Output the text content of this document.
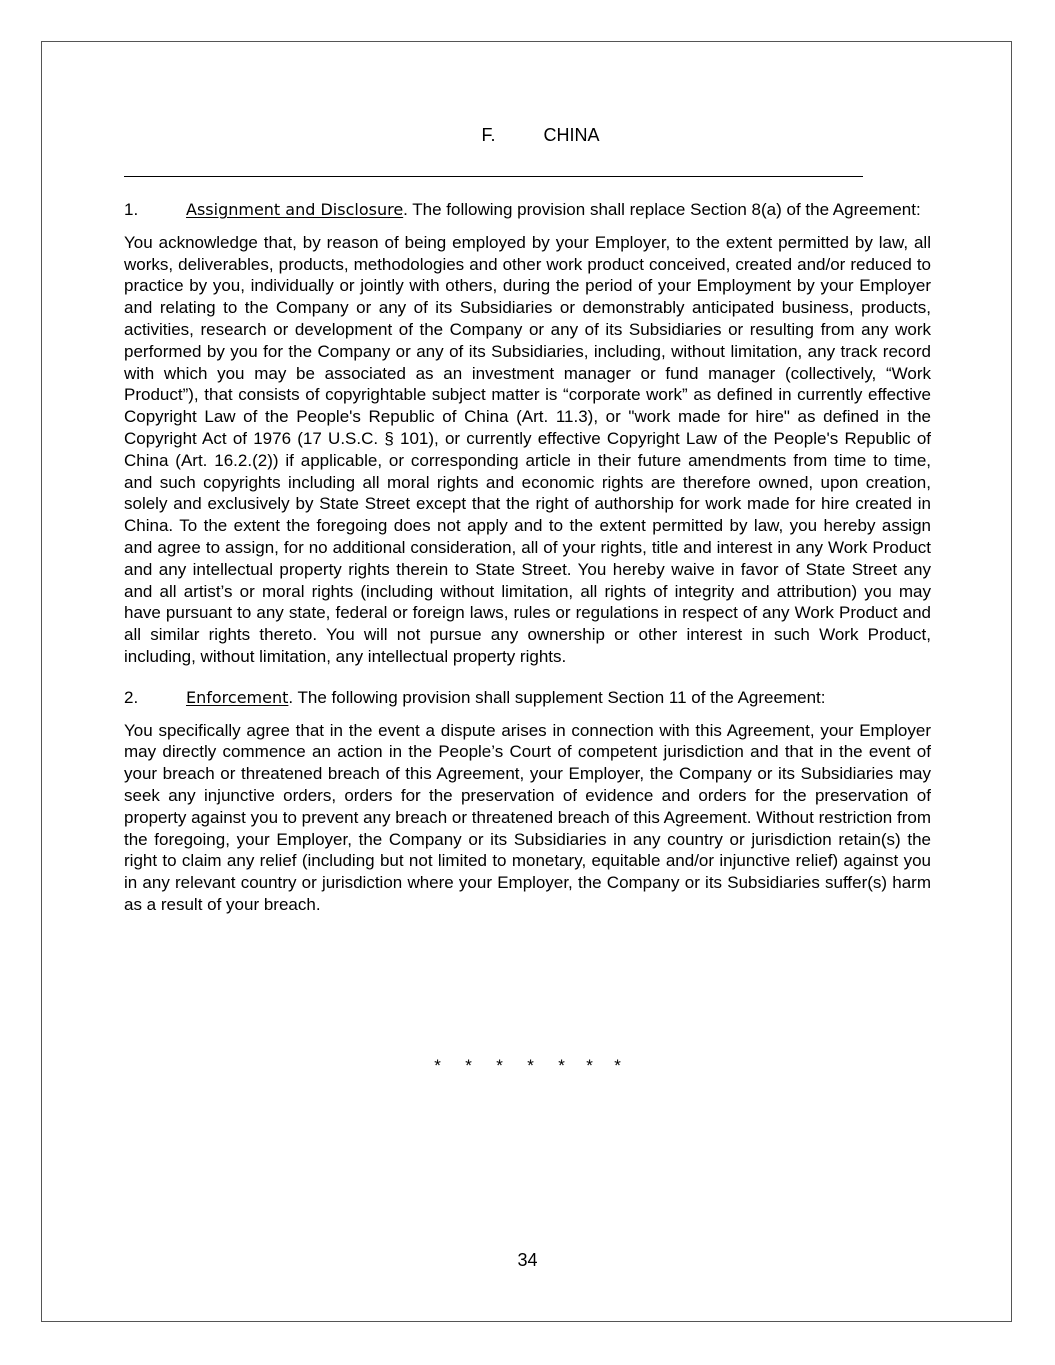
F.	CHINA

1.	Assignment and Disclosure. The following provision shall replace Section 8(a) of the Agreement:

You acknowledge that, by reason of being employed by your Employer, to the extent permitted by law, all works, deliverables, products, methodologies and other work product conceived, created and/or reduced to practice by you, individually or jointly with others, during the period of your Employment by your Employer and relating to the Company or any of its Subsidiaries or demonstrably anticipated business, products, activities, research or development of the Company or any of its Subsidiaries or resulting from any work performed by you for the Company or any of its Subsidiaries, including, without limitation, any track record with which you may be associated as an investment manager or fund manager (collectively, “Work Product”), that consists of copyrightable subject matter is “corporate work” as defined in currently effective Copyright Law of the People's Republic of China (Art. 11.3), or "work made for hire" as defined in the Copyright Act of 1976 (17 U.S.C. § 101), or currently effective Copyright Law of the People's Republic of China (Art. 16.2.(2)) if applicable, or corresponding article in their future amendments from time to time, and such copyrights including all moral rights and economic rights are therefore owned, upon creation, solely and exclusively by State Street except that the right of authorship for work made for hire created in China. To the extent the foregoing does not apply and to the extent permitted by law, you hereby assign and agree to assign, for no additional consideration, all of your rights, title and interest in any Work Product and any intellectual property rights therein to State Street. You hereby waive in favor of State Street any and all artist’s or moral rights (including without limitation, all rights of integrity and attribution) you may have pursuant to any state, federal or foreign laws, rules or regulations in respect of any Work Product and all similar rights thereto. You will not pursue any ownership or other interest in such Work Product, including, without limitation, any intellectual property rights.

2.	Enforcement. The following provision shall supplement Section 11 of the Agreement:

You specifically agree that in the event a dispute arises in connection with this Agreement, your Employer may directly commence an action in the People’s Court of competent jurisdiction and that in the event of your breach or threatened breach of this Agreement, your Employer, the Company or its Subsidiaries may seek any injunctive orders, orders for the preservation of evidence and orders for the preservation of property against you to prevent any breach or threatened breach of this Agreement. Without restriction from the foregoing, your Employer, the Company or its Subsidiaries in any country or jurisdiction retain(s) the right to claim any relief (including but not limited to monetary, equitable and/or injunctive relief) against you in any relevant country or jurisdiction where your Employer, the Company or its Subsidiaries suffer(s) harm as a result of your breach.

* * * * * * *
34
